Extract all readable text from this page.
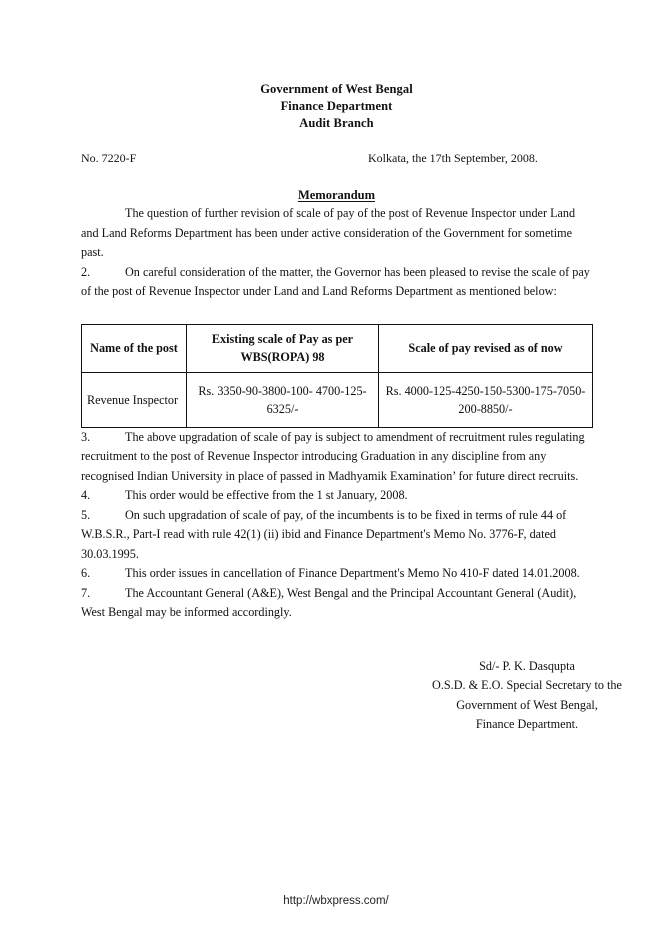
Government of West Bengal
Finance Department
Audit Branch
No. 7220-F	Kolkata, the 17th September, 2008.
Memorandum

The question of further revision of scale of pay of the post of Revenue Inspector under Land and Land Reforms Department has been under active consideration of the Government for sometime past.

2.	On careful consideration of the matter, the Governor has been pleased to revise the scale of pay of the post of Revenue Inspector under Land and Land Reforms Department as mentioned below:

Name of the post	Existing scale of Pay as per WBS(ROPA) 98	Scale of pay revised as of now
Revenue Inspector	Rs. 3350-90-3800-100- 4700-125-6325/-	Rs. 4000-125-4250-150-5300-175-7050-200-8850/-

3.	The above upgradation of scale of pay is subject to amendment of recruitment rules regulating recruitment to the post of Revenue Inspector introducing Graduation in any discipline from any recognised Indian University in place of passed in Madhyamik Examination’ for future direct recruits.

4.	This order would be effective from the 1 st January, 2008.

5.	On such upgradation of scale of pay, of the incumbents is to be fixed in terms of rule 44 of W.B.S.R., Part-I read with rule 42(1) (ii) ibid and Finance Department's Memo No. 3776-F, dated 30.03.1995.

6.	This order issues in cancellation of Finance Department's Memo No 410-F dated 14.01.2008.

7.	The Accountant General (A&E), West Bengal and the Principal Accountant General (Audit), West Bengal may be informed accordingly.

Sd/- P. K. Dasqupta
O.S.D. & E.O. Special Secretary to the
Government of West Bengal,
Finance Department.
http://wbxpress.com/
